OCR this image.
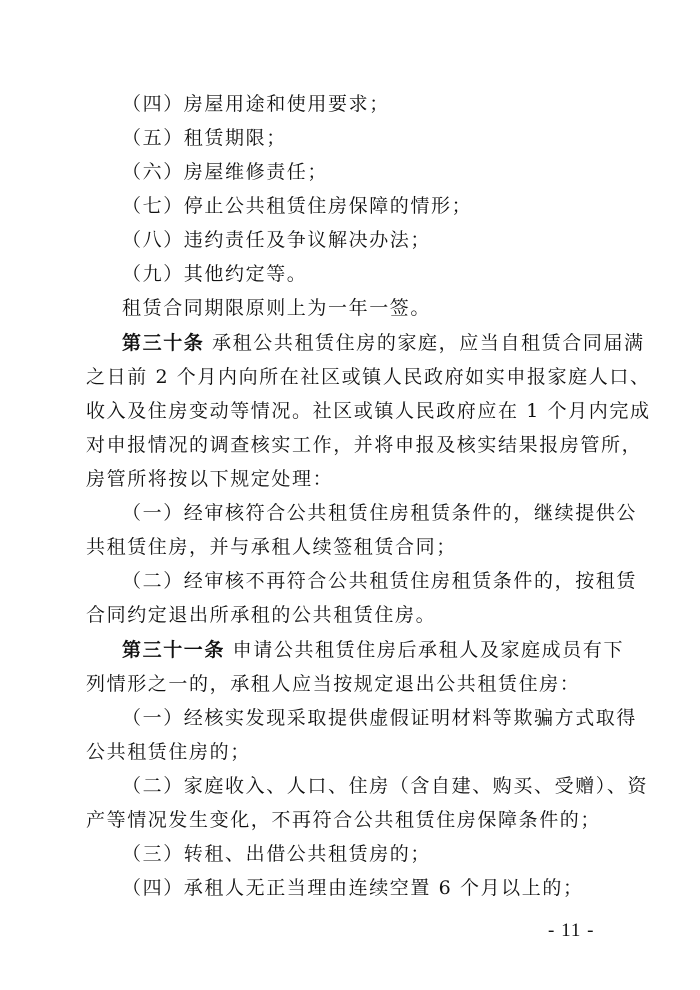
（四）房屋用途和使用要求；
（五）租赁期限；
（六）房屋维修责任；
（七）停止公共租赁住房保障的情形；
（八）违约责任及争议解决办法；
（九）其他约定等。
租赁合同期限原则上为一年一签。
第三十条 承租公共租赁住房的家庭，应当自租赁合同届满
之日前 2 个月内向所在社区或镇人民政府如实申报家庭人口、
收入及住房变动等情况。社区或镇人民政府应在 1 个月内完成
对申报情况的调查核实工作，并将申报及核实结果报房管所，
房管所将按以下规定处理：
（一）经审核符合公共租赁住房租赁条件的，继续提供公
共租赁住房，并与承租人续签租赁合同；
（二）经审核不再符合公共租赁住房租赁条件的，按租赁
合同约定退出所承租的公共租赁住房。
第三十一条 申请公共租赁住房后承租人及家庭成员有下
列情形之一的，承租人应当按规定退出公共租赁住房：
（一）经核实发现采取提供虚假证明材料等欺骗方式取得
公共租赁住房的；
（二）家庭收入、人口、住房（含自建、购买、受赠）、资
产等情况发生变化，不再符合公共租赁住房保障条件的；
（三）转租、出借公共租赁房的；
（四）承租人无正当理由连续空置 6 个月以上的；
- 11 -
